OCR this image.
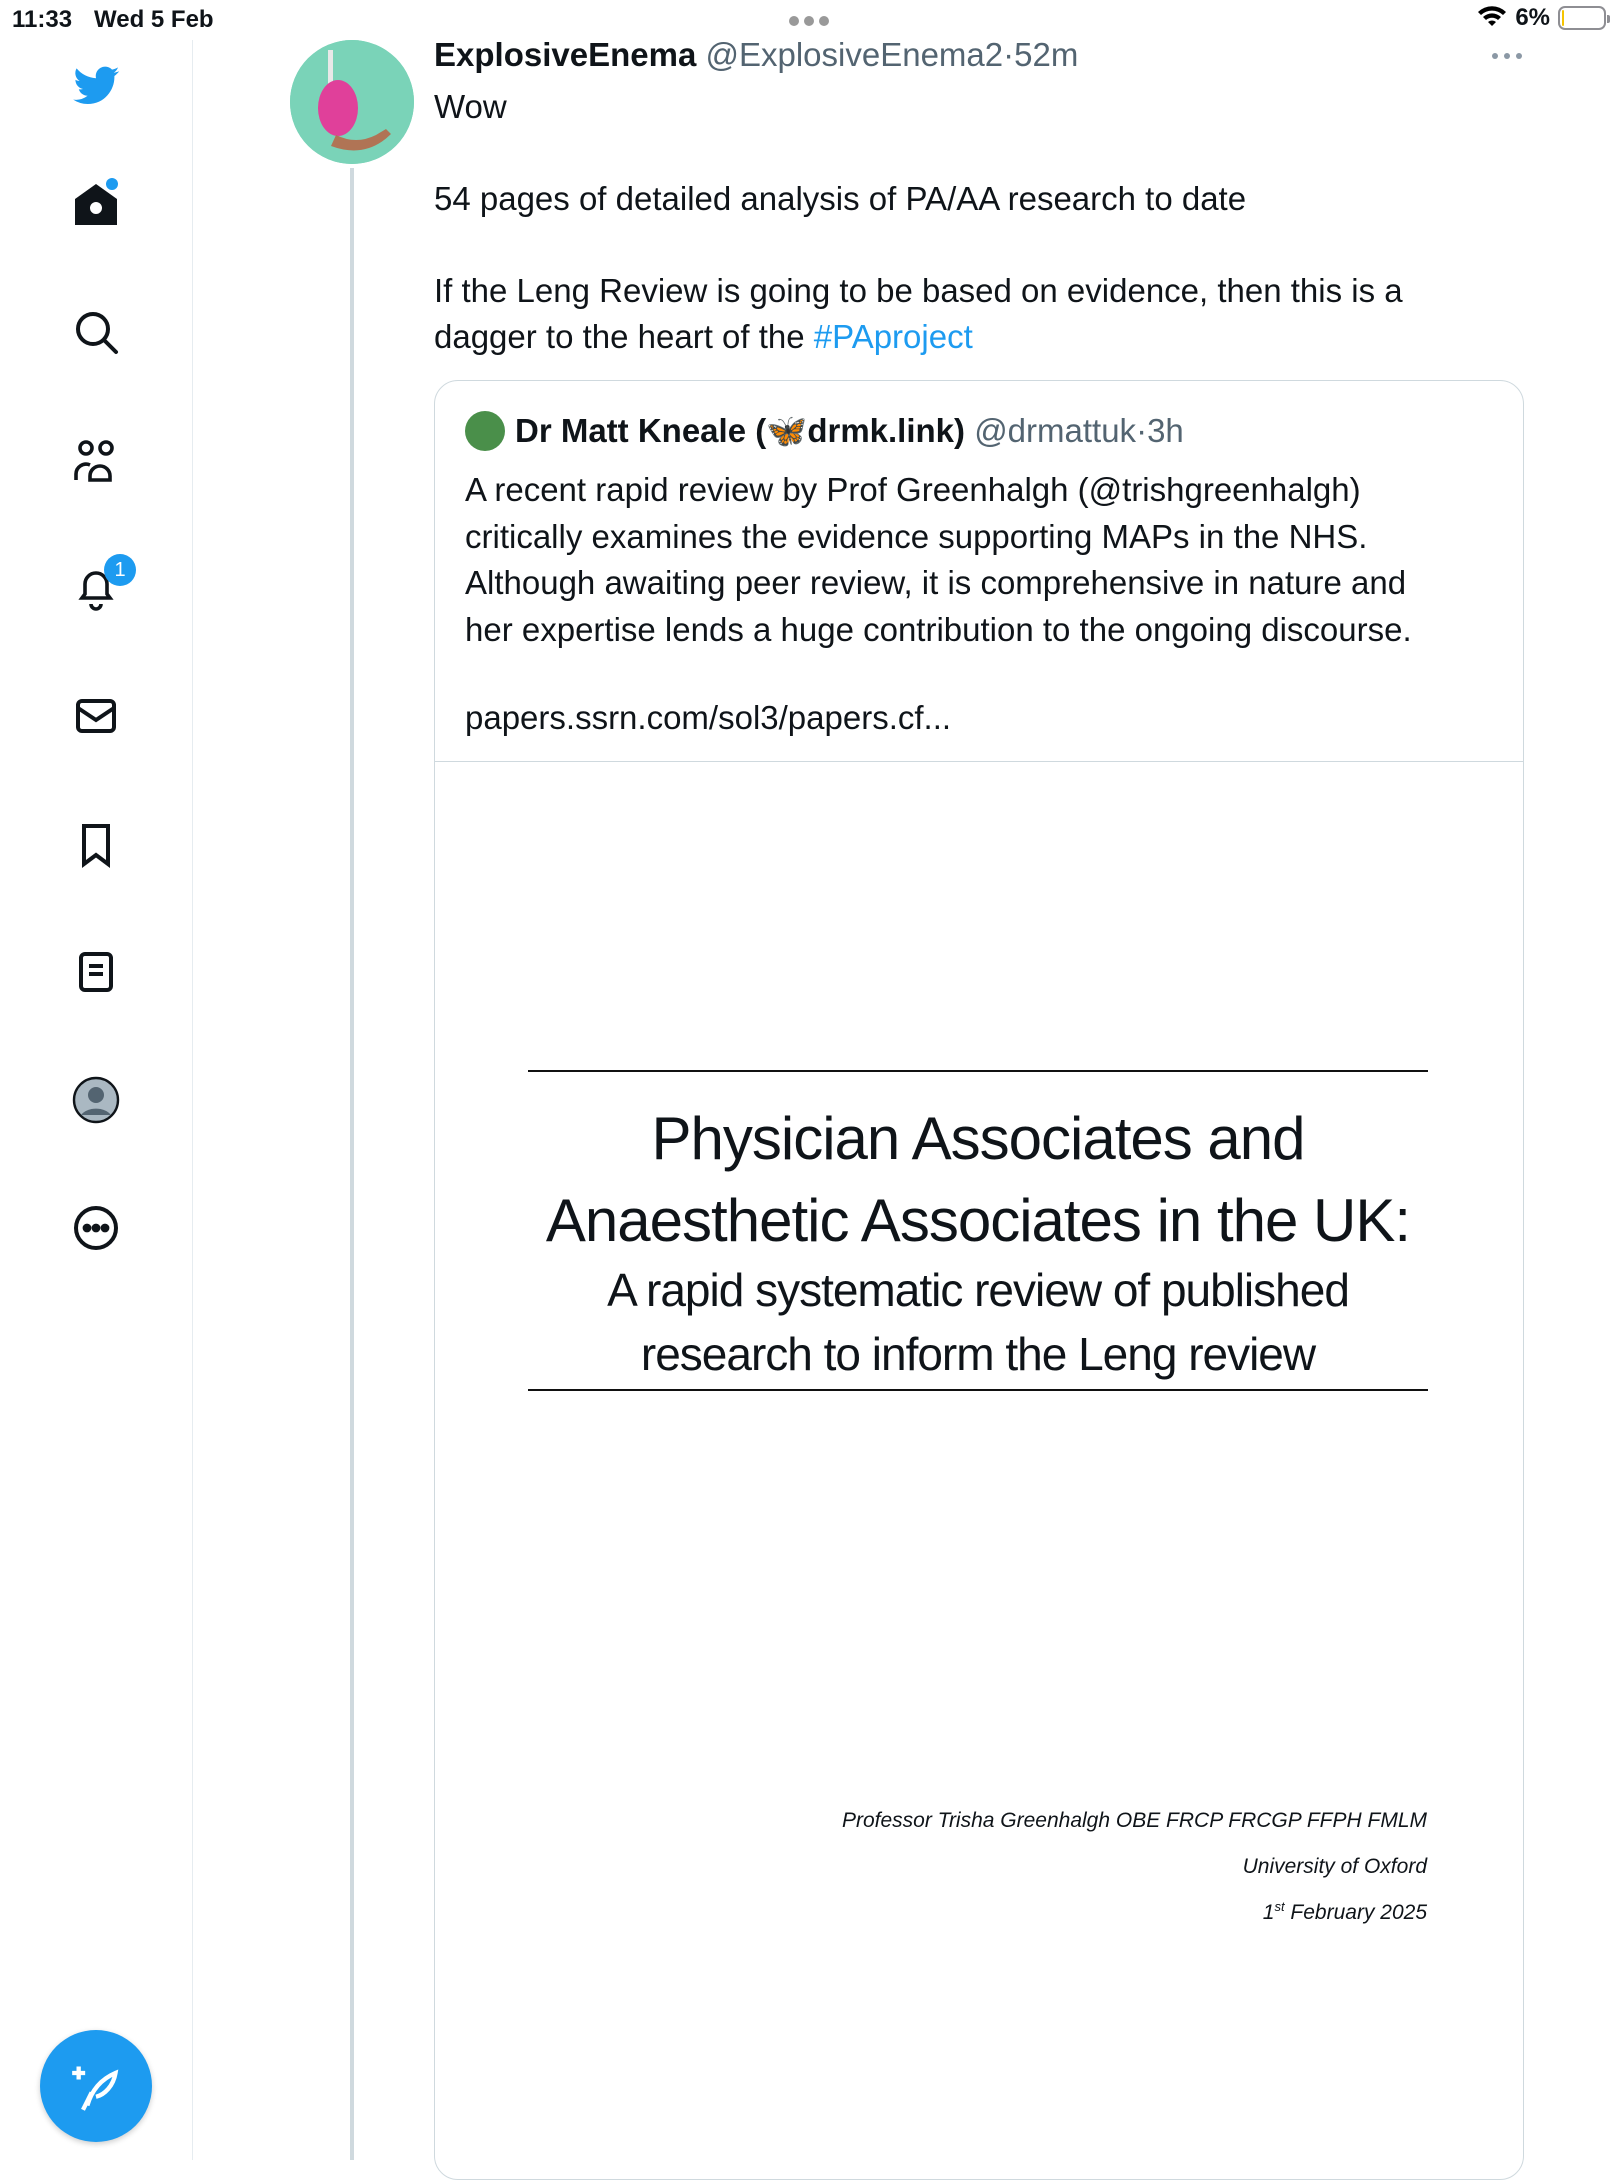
11:33 Wed 5 Feb	6%
1
ExplosiveEnema @ExplosiveEnema2·52m
Wow
54 pages of detailed analysis of PA/AA research to date
If the Leng Review is going to be based on evidence, then this is a
dagger to the heart of the #PAproject
Dr Matt Kneale (🦋drmk.link)
@drmattuk · 3h
A recent rapid review by Prof Greenhalgh (@trishgreenhalgh)
critically examines the evidence supporting MAPs in the NHS.
Although awaiting peer review, it is comprehensive in nature and
her expertise lends a huge contribution to the ongoing discourse.
papers.ssrn.com/sol3/papers.cf...
Physician Associates and
Anaesthetic Associates in the UK:
A rapid systematic review of published
research to inform the Leng review
Professor Trisha Greenhalgh OBE FRCP FRCGP FFPH FMLM
University of Oxford
1st February 2025
